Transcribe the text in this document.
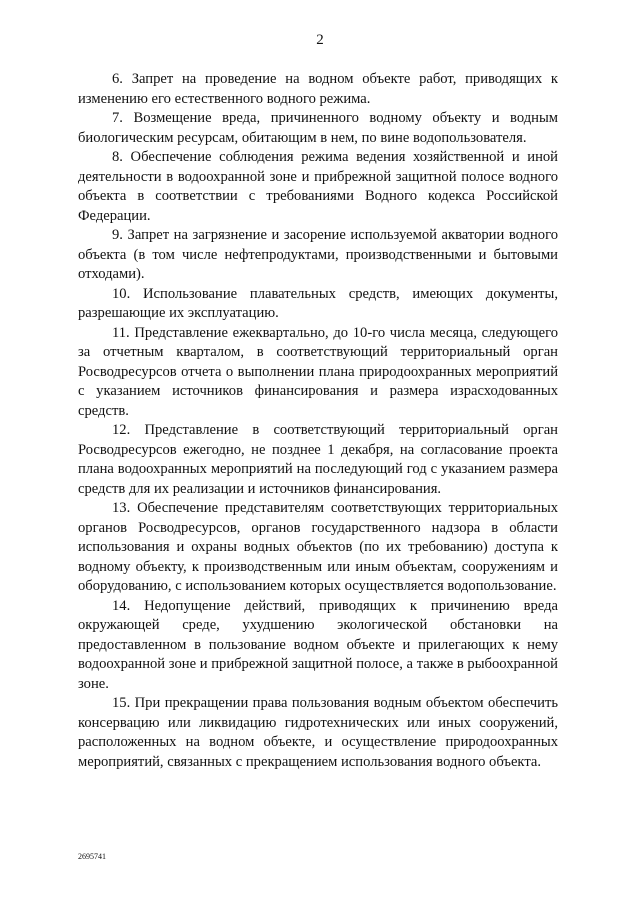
2

6. Запрет на проведение на водном объекте работ, приводящих к изменению его естественного водного режима.

7. Возмещение вреда, причиненного водному объекту и водным биологическим ресурсам, обитающим в нем, по вине водопользователя.

8. Обеспечение соблюдения режима ведения хозяйственной и иной деятельности в водоохранной зоне и прибрежной защитной полосе водного объекта в соответствии с требованиями Водного кодекса Российской Федерации.

9. Запрет на загрязнение и засорение используемой акватории водного объекта (в том числе нефтепродуктами, производственными и бытовыми отходами).

10. Использование плавательных средств, имеющих документы, разрешающие их эксплуатацию.

11. Представление ежеквартально, до 10-го числа месяца, следующего за отчетным кварталом, в соответствующий территориальный орган Росводресурсов отчета о выполнении плана природоохранных мероприятий с указанием источников финансирования и размера израсходованных средств.

12. Представление в соответствующий территориальный орган Росводресурсов ежегодно, не позднее 1 декабря, на согласование проекта плана водоохранных мероприятий на последующий год с указанием размера средств для их реализации и источников финансирования.

13. Обеспечение представителям соответствующих территориальных органов Росводресурсов, органов государственного надзора в области использования и охраны водных объектов (по их требованию) доступа к водному объекту, к производственным или иным объектам, сооружениям и оборудованию, с использованием которых осуществляется водопользование.

14. Недопущение действий, приводящих к причинению вреда окружающей среде, ухудшению экологической обстановки на предоставленном в пользование водном объекте и прилегающих к нему водоохранной зоне и прибрежной защитной полосе, а также в рыбоохранной зоне.

15. При прекращении права пользования водным объектом обеспечить консервацию или ликвидацию гидротехнических или иных сооружений, расположенных на водном объекте, и осуществление природоохранных мероприятий, связанных с прекращением использования водного объекта.

2695741
